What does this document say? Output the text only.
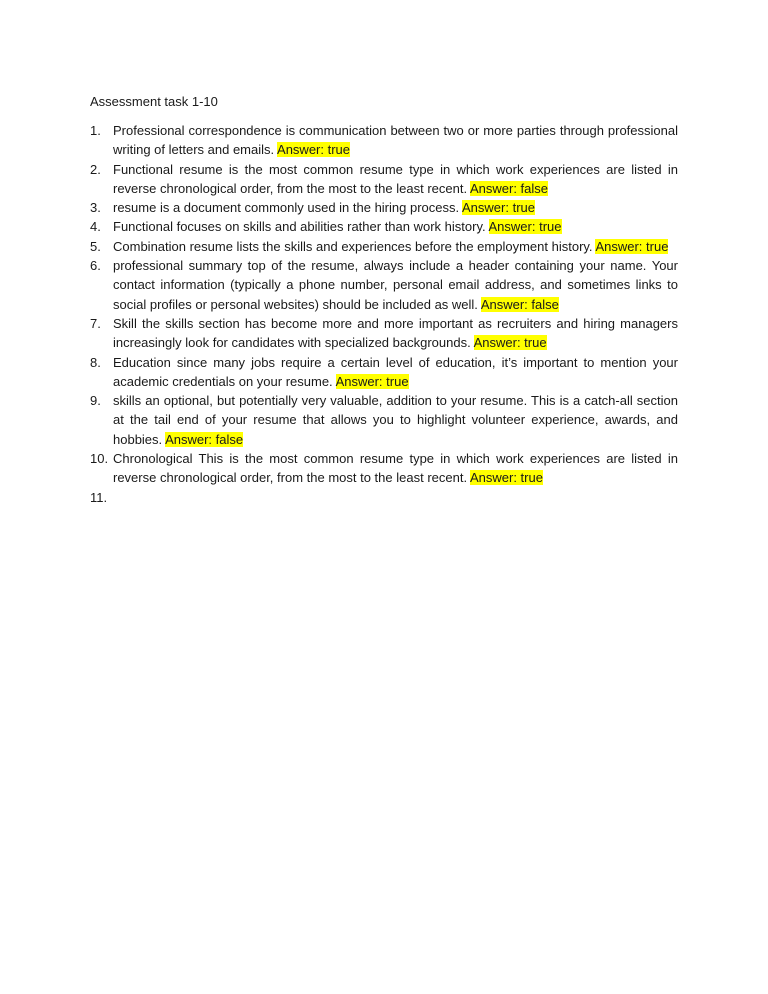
Assessment task 1-10

1. Professional correspondence is communication between two or more parties through professional writing of letters and emails. Answer: true
2. Functional resume is the most common resume type in which work experiences are listed in reverse chronological order, from the most to the least recent. Answer: false
3. resume is a document commonly used in the hiring process. Answer: true
4. Functional focuses on skills and abilities rather than work history. Answer: true
5. Combination resume lists the skills and experiences before the employment history. Answer: true
6. professional summary top of the resume, always include a header containing your name. Your contact information (typically a phone number, personal email address, and sometimes links to social profiles or personal websites) should be included as well. Answer: false
7. Skill the skills section has become more and more important as recruiters and hiring managers increasingly look for candidates with specialized backgrounds. Answer: true
8. Education since many jobs require a certain level of education, it’s important to mention your academic credentials on your resume. Answer: true
9. skills an optional, but potentially very valuable, addition to your resume. This is a catch-all section at the tail end of your resume that allows you to highlight volunteer experience, awards, and hobbies. Answer: false
10. Chronological This is the most common resume type in which work experiences are listed in reverse chronological order, from the most to the least recent. Answer: true
11.
